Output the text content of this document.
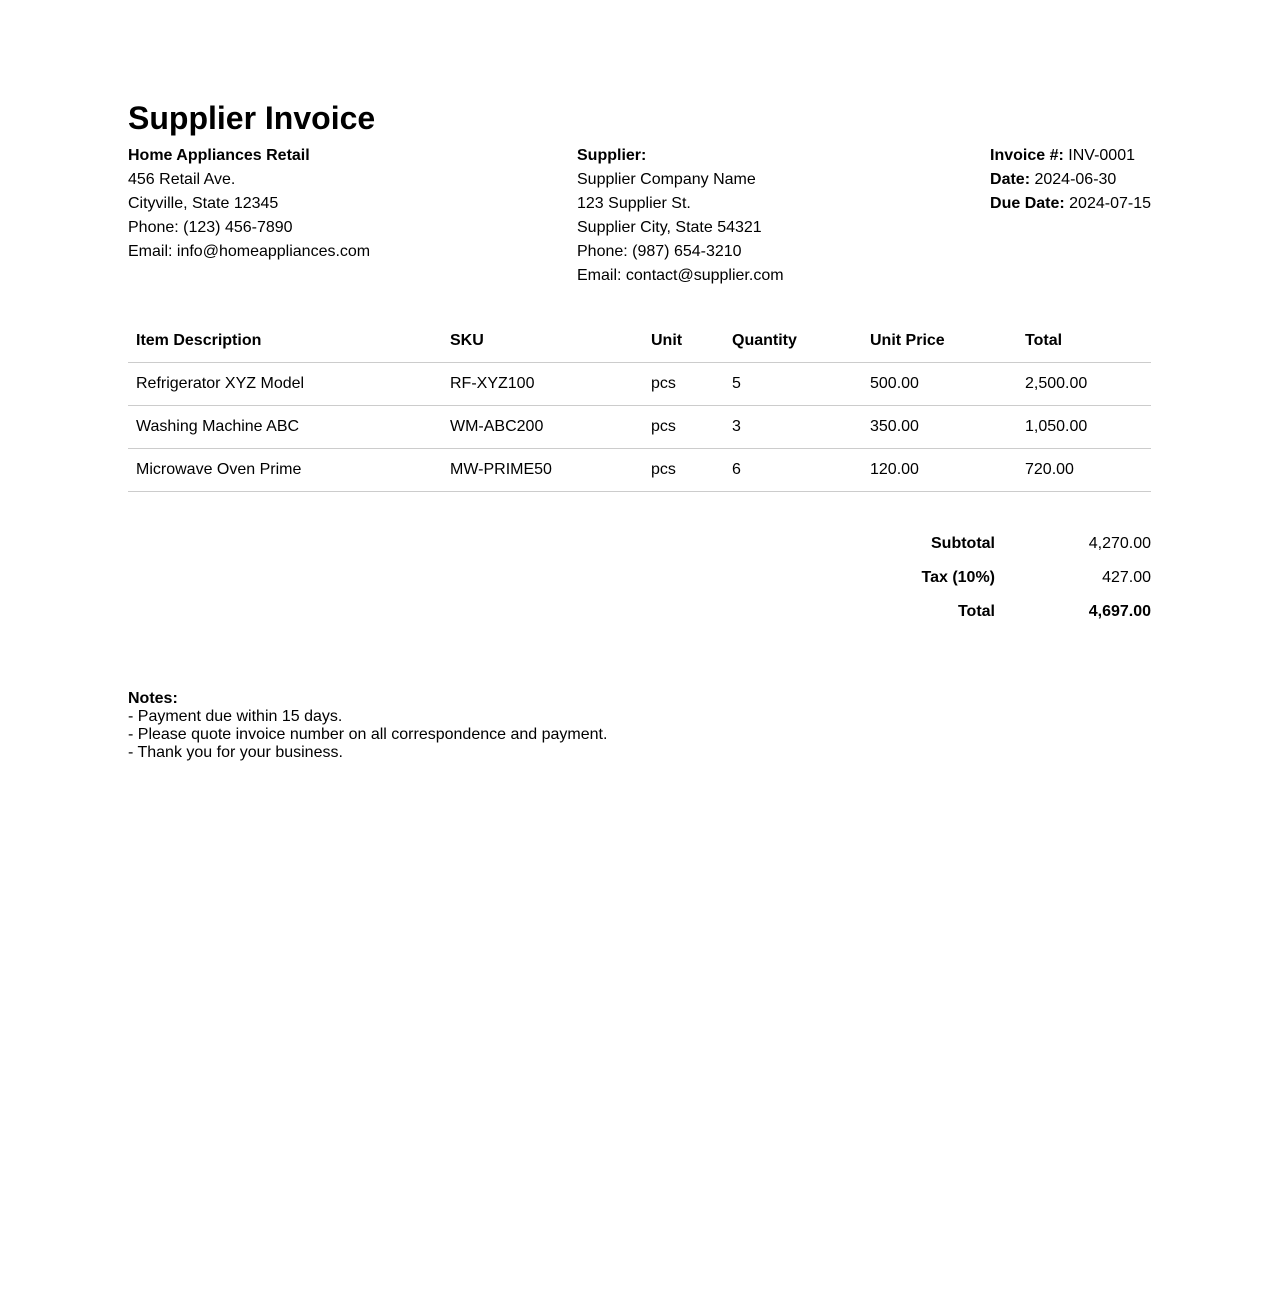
Supplier Invoice
Home Appliances Retail
456 Retail Ave.
Cityville, State 12345
Phone: (123) 456-7890
Email: info@homeappliances.com
Supplier:
Supplier Company Name
123 Supplier St.
Supplier City, State 54321
Phone: (987) 654-3210
Email: contact@supplier.com
Invoice #: INV-0001
Date: 2024-06-30
Due Date: 2024-07-15
Item Description	SKU	Unit	Quantity	Unit Price	Total
Refrigerator XYZ Model	RF-XYZ100	pcs	5	500.00	2,500.00
Washing Machine ABC	WM-ABC200	pcs	3	350.00	1,050.00
Microwave Oven Prime	MW-PRIME50	pcs	6	120.00	720.00
Subtotal	4,270.00
Tax (10%)	427.00
Total	4,697.00
Notes:
- Payment due within 15 days.
- Please quote invoice number on all correspondence and payment.
- Thank you for your business.
